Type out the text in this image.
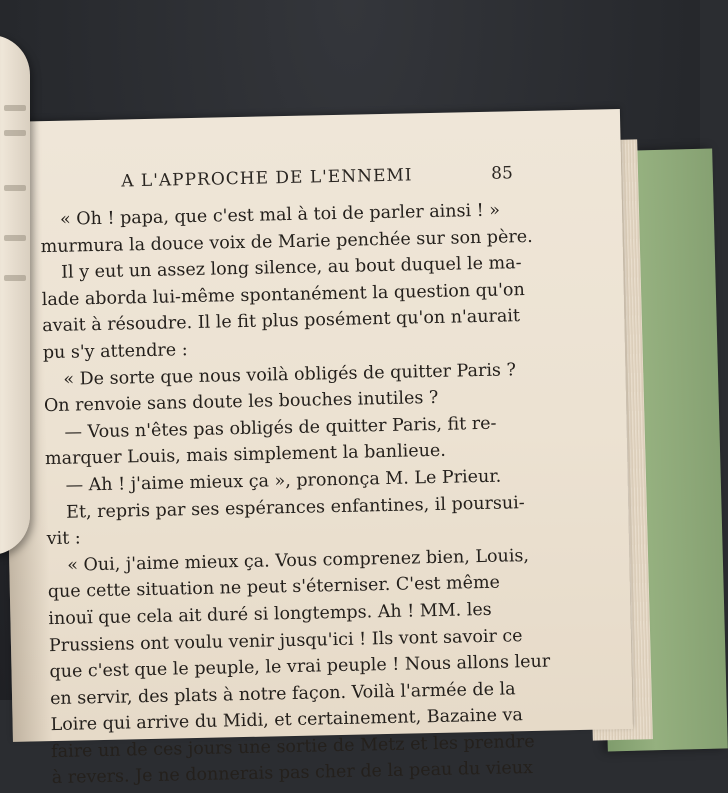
A L'APPROCHE DE L'ENNEMI	85
« Oh ! papa, que c'est mal à toi de parler ainsi ! »
murmura la douce voix de Marie penchée sur son père.
Il y eut un assez long silence, au bout duquel le ma-
lade aborda lui-même spontanément la question qu'on
avait à résoudre. Il le fit plus posément qu'on n'aurait
pu s'y attendre :
« De sorte que nous voilà obligés de quitter Paris ?
On renvoie sans doute les bouches inutiles ?
— Vous n'êtes pas obligés de quitter Paris, fit re-
marquer Louis, mais simplement la banlieue.
— Ah ! j'aime mieux ça », prononça M. Le Prieur.
Et, repris par ses espérances enfantines, il poursui-
vit :
« Oui, j'aime mieux ça. Vous comprenez bien, Louis,
que cette situation ne peut s'éterniser. C'est même
inouï que cela ait duré si longtemps. Ah ! MM. les
Prussiens ont voulu venir jusqu'ici ! Ils vont savoir ce
que c'est que le peuple, le vrai peuple ! Nous allons leur
en servir, des plats à notre façon. Voilà l'armée de la
Loire qui arrive du Midi, et certainement, Bazaine va
faire un de ces jours une sortie de Metz et les prendre
à revers. Je ne donnerais pas cher de la peau du vieux
